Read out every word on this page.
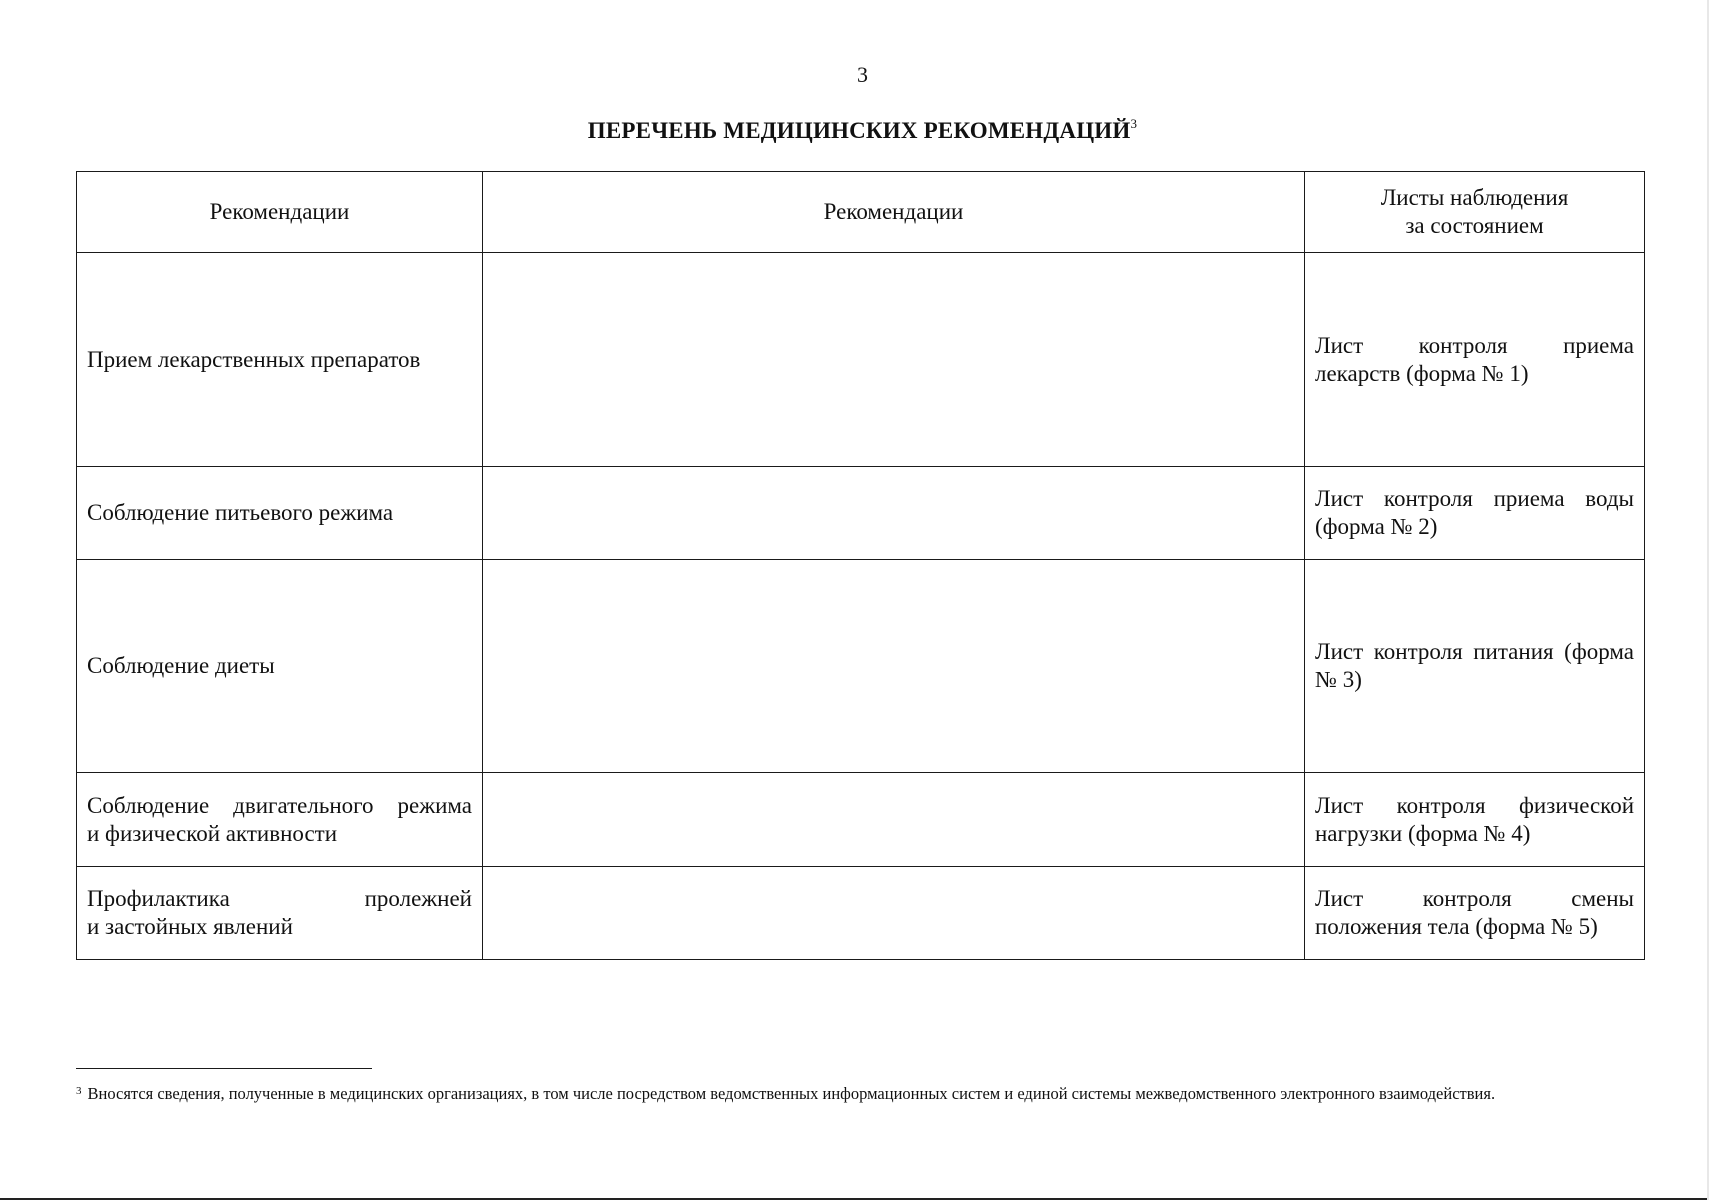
3
ПЕРЕЧЕНЬ МЕДИЦИНСКИХ РЕКОМЕНДАЦИЙ$^3$
Рекомендации	Рекомендации	Листы наблюдения
за состоянием

Прием лекарственных препаратов		Лист контроля приема
лекарств (форма № 1)

Соблюдение питьевого режима		Лист контроля приема воды
(форма № 2)

Соблюдение диеты		Лист контроля питания (форма
№ 3)

Соблюдение двигательного режима
и физической активности		Лист контроля физической
нагрузки (форма № 4)

Профилактика пролежней
и застойных явлений		Лист контроля смены
положения тела (форма № 5)
$^3$ Вносятся сведения, полученные в медицинских организациях, в том числе посредством ведомственных информационных систем и единой системы межведомственного электронного взаимодействия.
